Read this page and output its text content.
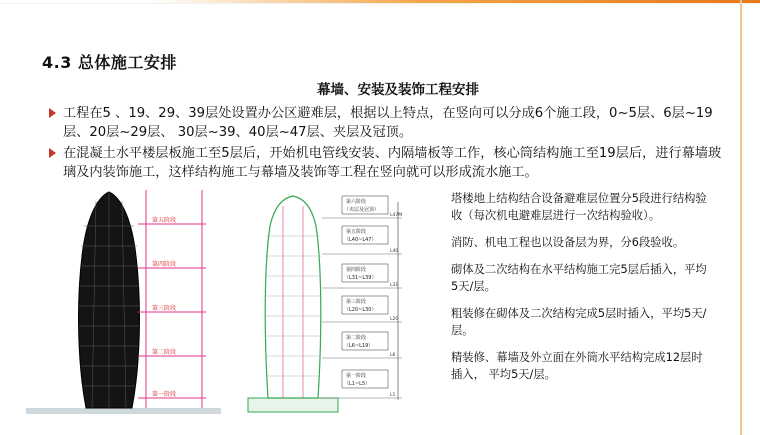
4.3 总体施工安排
幕墙、安装及装饰工程安排
工程在5 、19、29、39层处设置办公区避难层，根据以上特点，在竖向可以分成6个施工段，0~5层、6层~19层、20层~29层、 30层~39、40层~47层、夹层及冠顶。
在混凝土水平楼层板施工至5层后，开始机电管线安装、内隔墙板等工作，核心筒结构施工至19层后，进行幕墙玻璃及内装饰施工，这样结构施工与幕墙及装饰等工程在竖向就可以形成流水施工。
第五阶段
第四阶段
第三阶段
第二阶段
第一阶段
第六阶段
（夹层及冠顶）
第五阶段
（L40~L47）
第四阶段
（L31~L39）
第三阶段
（L20~L30）
第二阶段
（L6~L19）
第一阶段
（L1~L5）
L47M
L40
L31
L20
L6
L1

塔楼地上结构结合设备避难层位置分5段进行结构验收（每次机电避难层进行一次结构验收）。

消防、机电工程也以设备层为界，分6段验收。

砌体及二次结构在水平结构施工完5层后插入，平均5天/层。

粗装修在砌体及二次结构完成5层时插入，平均5天/层。

精装修、幕墙及外立面在外筒水平结构完成12层时插入， 平均5天/层。
